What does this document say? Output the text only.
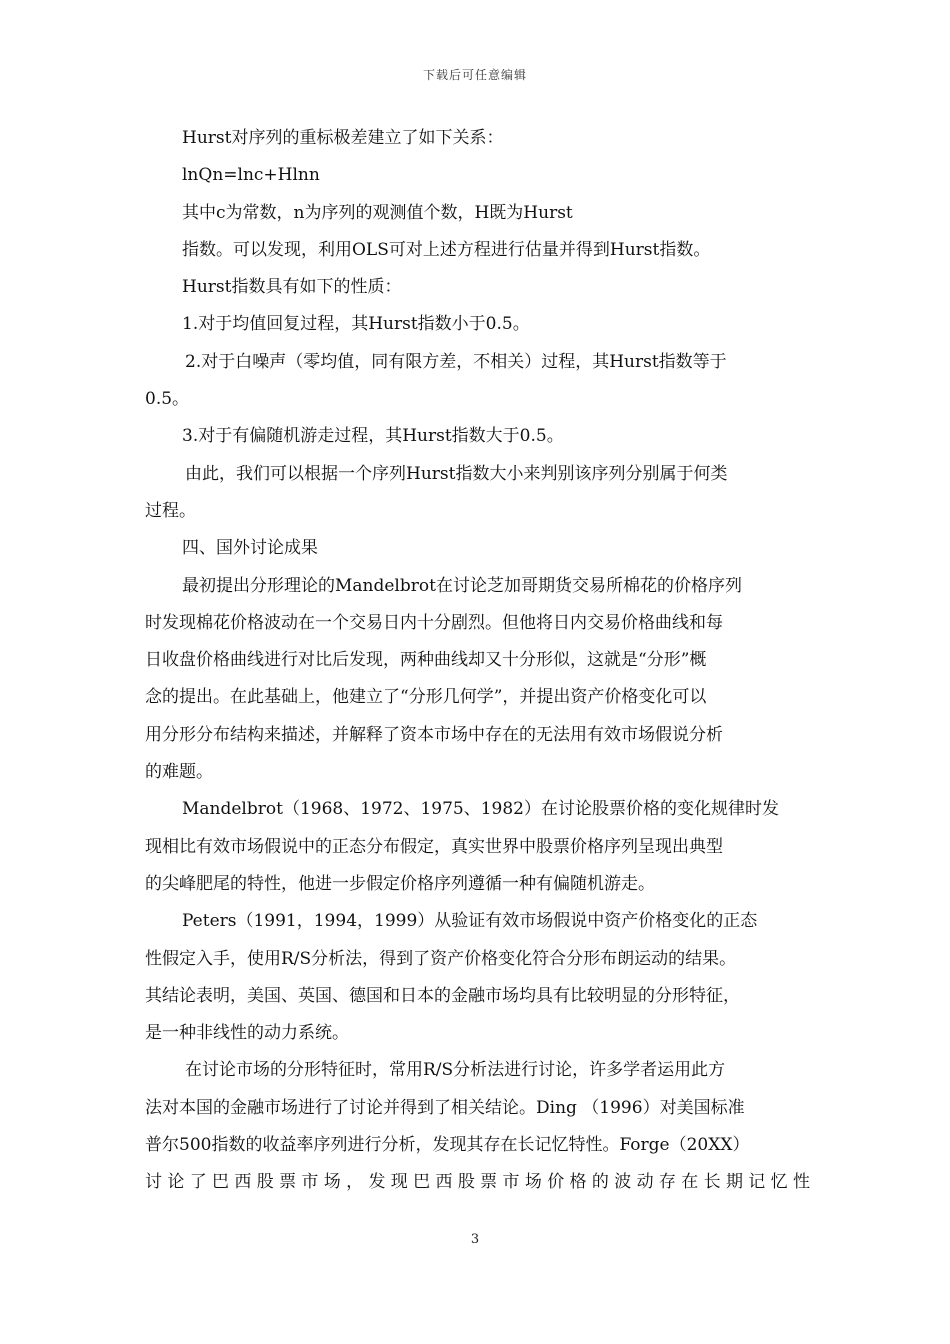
下载后可任意编辑
Hurst对序列的重标极差建立了如下关系：
lnQn=lnc+Hlnn
其中c为常数，n为序列的观测值个数，H既为Hurst
指数。可以发现，利用OLS可对上述方程进行估量并得到Hurst指数。
Hurst指数具有如下的性质：
1.对于均值回复过程，其Hurst指数小于0.5。
2.对于白噪声（零均值，同有限方差，不相关）过程，其Hurst指数等于
0.5。
3.对于有偏随机游走过程，其Hurst指数大于0.5。
由此，我们可以根据一个序列Hurst指数大小来判别该序列分别属于何类
过程。
四、国外讨论成果
最初提出分形理论的Mandelbrot在讨论芝加哥期货交易所棉花的价格序列
时发现棉花价格波动在一个交易日内十分剧烈。但他将日内交易价格曲线和每
日收盘价格曲线进行对比后发现，两种曲线却又十分形似，这就是“分形”概
念的提出。在此基础上，他建立了“分形几何学”，并提出资产价格变化可以
用分形分布结构来描述，并解释了资本市场中存在的无法用有效市场假说分析
的难题。
Mandelbrot（1968、1972、1975、1982）在讨论股票价格的变化规律时发
现相比有效市场假说中的正态分布假定，真实世界中股票价格序列呈现出典型
的尖峰肥尾的特性，他进一步假定价格序列遵循一种有偏随机游走。
Peters（1991，1994，1999）从验证有效市场假说中资产价格变化的正态
性假定入手，使用R/S分析法，得到了资产价格变化符合分形布朗运动的结果。
其结论表明，美国、英国、德国和日本的金融市场均具有比较明显的分形特征，
是一种非线性的动力系统。
在讨论市场的分形特征时，常用R/S分析法进行讨论，许多学者运用此方
法对本国的金融市场进行了讨论并得到了相关结论。Ding （1996）对美国标准
普尔500指数的收益率序列进行分析，发现其存在长记忆特性。Forge（20XX）
讨论了巴西股票市场，发现巴西股票市场价格的波动存在长期记忆性
3
